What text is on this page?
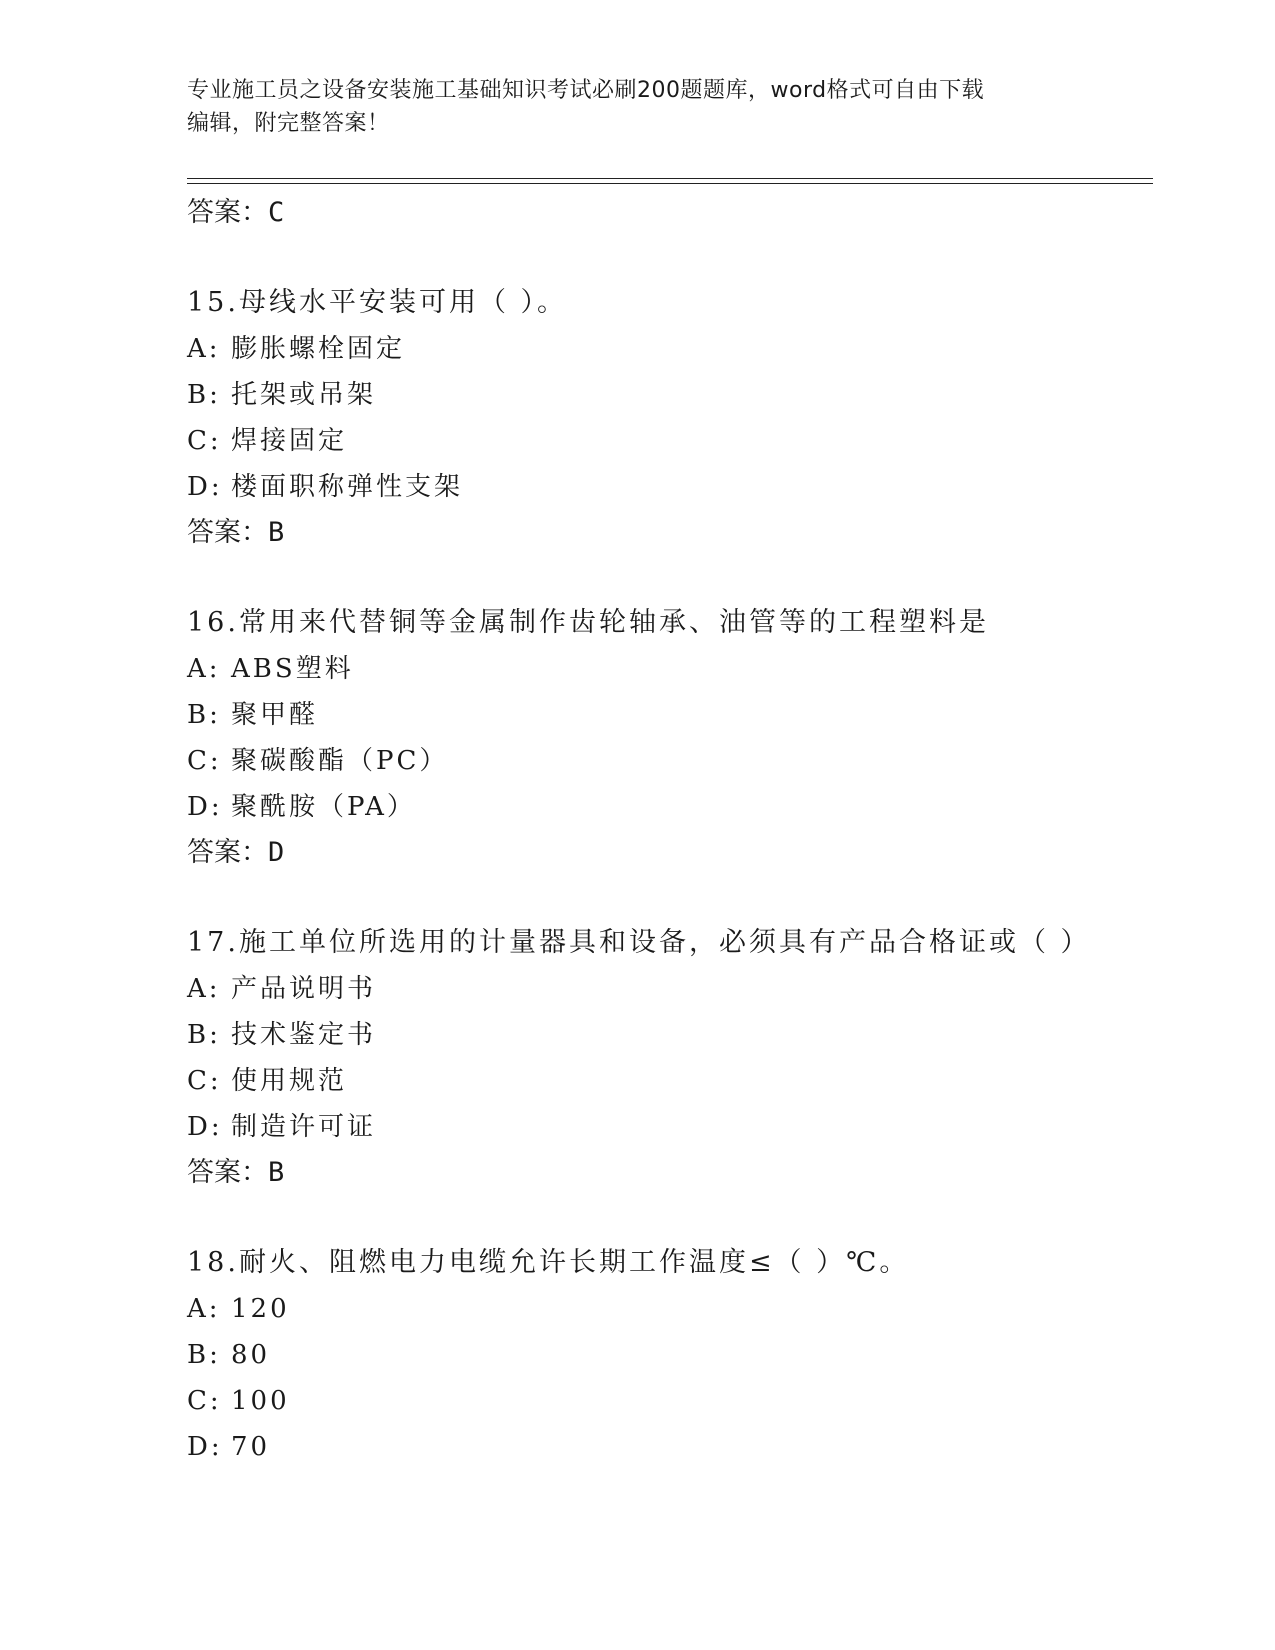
专业施工员之设备安装施工基础知识考试必刷200题题库，word格式可自由下载
编辑，附完整答案！
答案：C
15.母线水平安装可用（ ）。
A: 膨胀螺栓固定
B: 托架或吊架
C: 焊接固定
D: 楼面职称弹性支架
答案：B
16.常用来代替铜等金属制作齿轮轴承、油管等的工程塑料是
A: ABS塑料
B: 聚甲醛
C: 聚碳酸酯（PC）
D: 聚酰胺（PA）
答案：D
17.施工单位所选用的计量器具和设备，必须具有产品合格证或（ ）
A: 产品说明书
B: 技术鉴定书
C: 使用规范
D: 制造许可证
答案：B
18.耐火、阻燃电力电缆允许长期工作温度≤（ ）℃。
A: 120
B: 80
C: 100
D: 70
